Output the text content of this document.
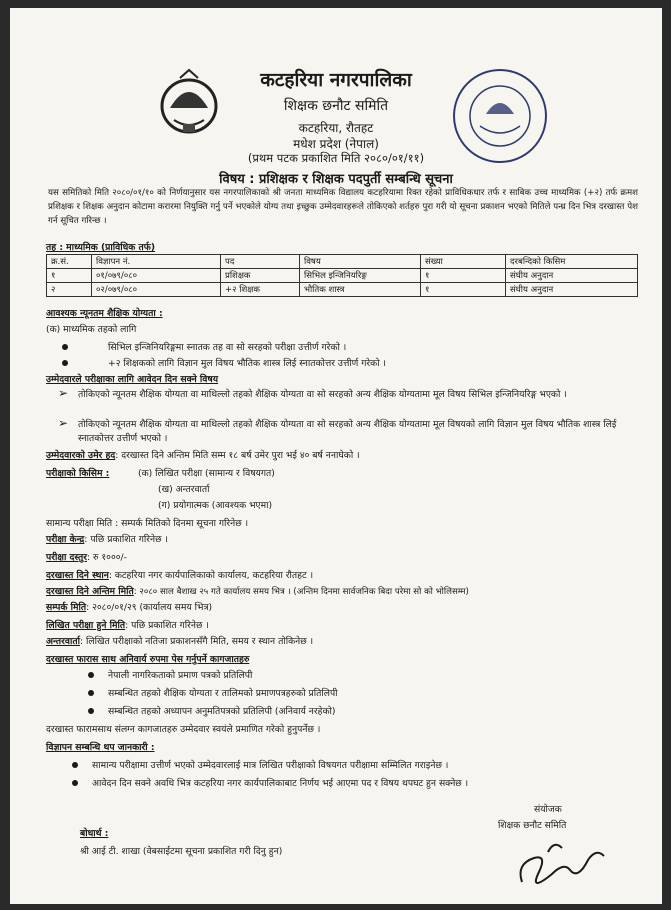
कटहरिया नगरपालिका
शिक्षक छनौट समिति
कटहरिया, रौतहट
मधेश प्रदेश (नेपाल)
(प्रथम पटक प्रकाशित मिति २०८०/०१/११)
विषय : प्रशिक्षक र शिक्षक पदपुर्ती सम्बन्धि सूचना
यस समितिको मिति २०८०/०१/१० को निर्णयानुसार यस नगरपालिकाको श्री जनता माध्यमिक विद्यालय कटहरियामा रिक्त रहेको प्राविधिकधार तर्फ र साबिक उच्च माध्यमिक (+२) तर्फ क्रमश प्रशिक्षक र शिक्षक अनुदान कोटामा करारमा नियुक्ति गर्नु पर्ने भएकोले योग्य तथा इच्छुक उम्मेदवारहरूले तोकिएको शर्तहरु पुरा गरी यो सूचना प्रकाशन भएको मितिले पन्ध्र दिन भित्र दरखास्त पेश गर्न सूचित गरिन्छ ।
तह : माध्यमिक (प्राविधिक तर्फ)
क्र.सं.	विज्ञापन नं.	पद	विषय	संख्या	दरबन्दिको किसिम
१	०१/०७९/०८०	प्रशिक्षक	सिभिल इन्जिनियरिङ्ग	१	संघीय अनुदान
२	०२/०७९/०८०	+२ शिक्षक	भौतिक शास्त्र	१	संघीय अनुदान
आवश्यक न्यूनतम शैक्षिक योग्यता :
(क) माध्यमिक तहको लागि
सिभिल इन्जिनियरिङ्गमा स्नातक तह वा सो सरहको परीक्षा उत्तीर्ण गरेको ।
+२ शिक्षकको लागि विज्ञान मुल विषय भौतिक शास्त्र लिई स्नातकोत्तर उत्तीर्ण गरेको ।
उम्मेदवारले परीक्षाका लागि आवेदन दिन सक्ने विषय
➢ तोकिएको न्यूनतम शैक्षिक योग्यता वा माथिल्लो तहको शैक्षिक योग्यता वा सो सरहको अन्य शैक्षिक योग्यतामा मूल विषय सिभिल इन्जिनियरिङ्ग भएको ।
➢ तोकिएको न्यूनतम शैक्षिक योग्यता वा माथिल्लो तहको शैक्षिक योग्यता वा सो सरहको अन्य शैक्षिक योग्यतामा मूल विषयको लागि विज्ञान मुल विषय भौतिक शास्त्र लिई स्नातकोत्तर उत्तीर्ण भएको ।
उम्मेदवारको उमेर हद: दरखास्त दिने अन्तिम मिति सम्म १८ बर्ष उमेर पुरा भई ४० बर्ष ननाघेको ।
परीक्षाको किसिम :	(क) लिखित परीक्षा (सामान्य र विषयगत)
(ख) अन्तरवार्ता
(ग) प्रयोगात्मक (आवश्यक भएमा)
सामान्य परीक्षा मिति : सम्पर्क मितिको दिनमा सूचना गरिनेछ ।
परीक्षा केन्द्र: पछि प्रकाशित गरिनेछ ।
परीक्षा दस्तुर: रु १०००/-
दरखास्त दिने स्थान: कटहरिया नगर कार्यपालिकाको कार्यालय, कटहरिया रौतहट ।
दरखास्त दिने अन्तिम मिति: २०८० साल बैशाख २५ गते कार्यालय समय भित्र । (अन्तिम दिनमा सार्वजनिक बिदा परेमा सो को भोलिसम्म)
सम्पर्क मिति: २०८०/०१/२९ (कार्यालय समय भित्र)
लिखित परीक्षा हुने मिति: पछि प्रकाशित गरिनेछ ।
अन्तरवार्ता: लिखित परीक्षाको नतिजा प्रकाशनसँगै मिति, समय र स्थान तोकिनेछ ।
दरखास्त फारास साथ अनिवार्य रुपमा पेस गर्नुपर्ने कागजातहरु
नेपाली नागरिकताको प्रमाण पत्रको प्रतिलिपी
सम्बन्धित तहको शैक्षिक योग्यता र तालिमको प्रमाणपत्रहरुको प्रतिलिपी
सम्बन्धित तहको अध्यापन अनुमतिपत्रको प्रतिलिपी (अनिवार्य नरहेको)
दरखास्त फारामसाथ संलग्न कागजातहरु उम्मेदवार स्वयंले प्रमाणित गरेको हुनुपर्नेछ ।
विज्ञापन सम्बन्धि थप जानकारी :
सामान्य परीक्षामा उत्तीर्ण भएको उम्मेदवारलाई मात्र लिखित परीक्षाको विषयगत परीक्षामा सम्मिलित गराइनेछ ।
आवेदन दिन सक्ने अवधि भित्र कटहरिया नगर कार्यपालिकाबाट निर्णय भई आएमा पद र विषय थपघट हुन सक्नेछ ।
संयोजक
शिक्षक छनौट समिति
बोधार्थ :
श्री आई टी. शाखा (वेबसाईटमा सूचना प्रकाशित गरी दिनु हुन)
